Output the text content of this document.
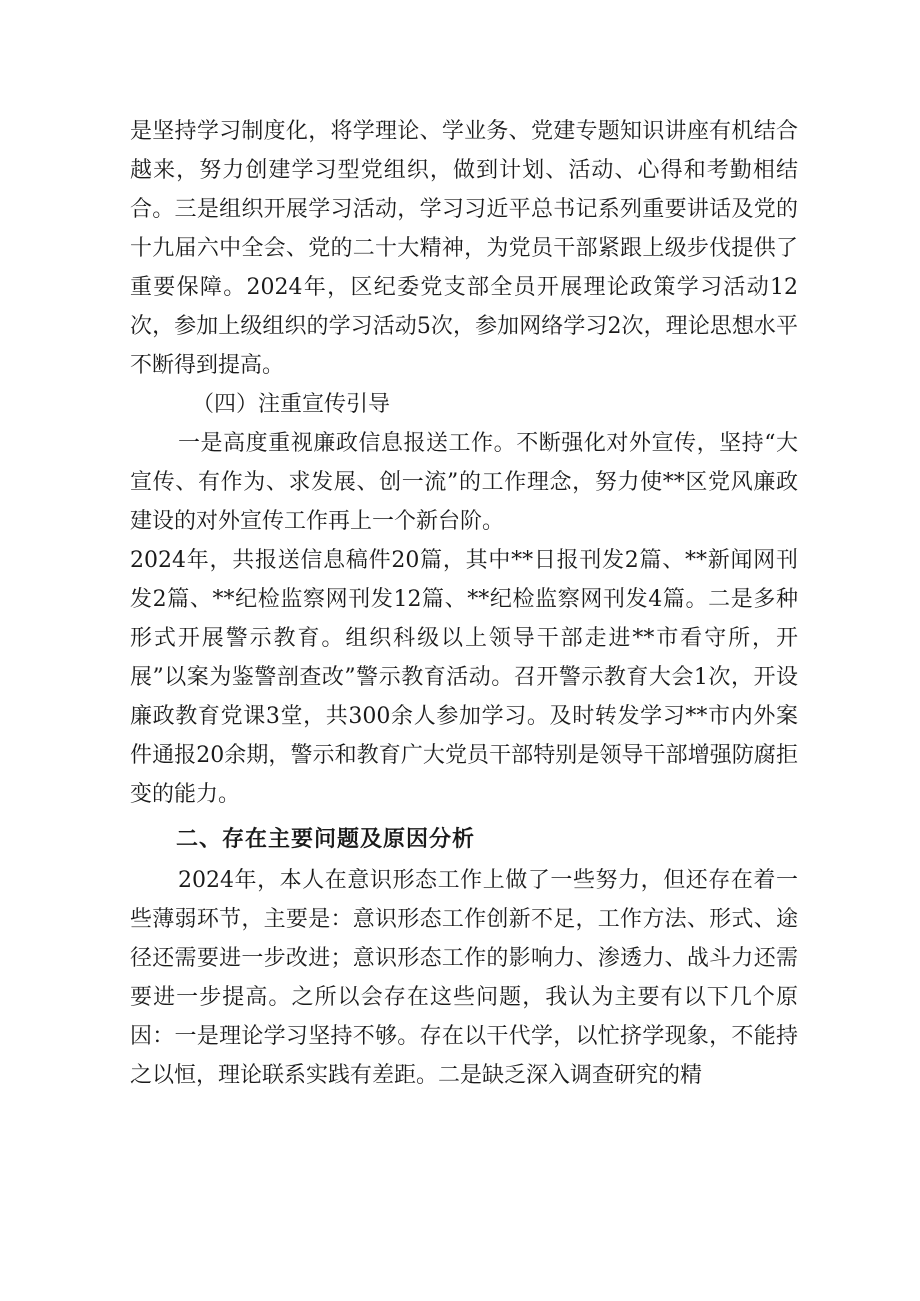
是坚持学习制度化，将学理论、学业务、党建专题知识讲座有机结合越来，努力创建学习型党组织，做到计划、活动、心得和考勤相结合。三是组织开展学习活动，学习习近平总书记系列重要讲话及党的十九届六中全会、党的二十大精神，为党员干部紧跟上级步伐提供了重要保障。2024年，区纪委党支部全员开展理论政策学习活动12次，参加上级组织的学习活动5次，参加网络学习2次，理论思想水平不断得到提高。

（四）注重宣传引导

一是高度重视廉政信息报送工作。不断强化对外宣传，坚持“大宣传、有作为、求发展、创一流”的工作理念，努力使**区党风廉政建设的对外宣传工作再上一个新台阶。

2024年，共报送信息稿件20篇，其中**日报刊发2篇、**新闻网刊发2篇、**纪检监察网刊发12篇、**纪检监察网刊发4篇。二是多种形式开展警示教育。组织科级以上领导干部走进**市看守所，开展”以案为鉴警剖查改”警示教育活动。召开警示教育大会1次，开设廉政教育党课3堂，共300余人参加学习。及时转发学习**市内外案件通报20余期，警示和教育广大党员干部特别是领导干部增强防腐拒变的能力。

二、存在主要问题及原因分析

2024年，本人在意识形态工作上做了一些努力，但还存在着一些薄弱环节，主要是：意识形态工作创新不足，工作方法、形式、途径还需要进一步改进；意识形态工作的影响力、渗透力、战斗力还需要进一步提高。之所以会存在这些问题，我认为主要有以下几个原因：一是理论学习坚持不够。存在以干代学，以忙挤学现象，不能持之以恒，理论联系实践有差距。二是缺乏深入调查研究的精
